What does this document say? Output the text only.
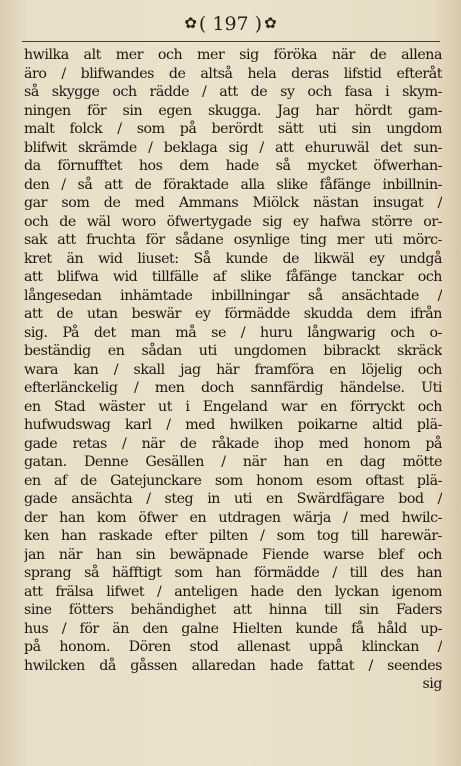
✿ ( 197 ) ✿
hwilka alt mer och mer sig föröka när de allena
äro / blifwandes de altså hela deras lifstid efteråt
så skygge och rädde / att de sy och fasa i skym-
ningen för sin egen skugga. Jag har hördt gam-
malt folck / som på berördt sätt uti sin ungdom
blifwit skrämde / beklaga sig / att ehuruwäl det sun-
da förnufftet hos dem hade så mycket öfwerhan-
den / så att de föraktade alla slike fåfänge inbillnin-
gar som de med Ammans Miölck nästan insugat /
och de wäl woro öfwertygade sig ey hafwa större or-
sak att fruchta för sådane osynlige ting mer uti mörc-
kret än wid liuset: Så kunde de likwäl ey undgå
att blifwa wid tillfälle af slike fåfänge tanckar och
långesedan inhämtade inbillningar så ansächtade /
att de utan beswär ey förmädde skudda dem ifrån
sig. På det man må se / huru långwarig och o-
beständig en sådan uti ungdomen bibrackt skräck
wara kan / skall jag här framföra en löjelig och
efterlänckelig / men doch sannfärdig händelse. Uti
en Stad wäster ut i Engeland war en förryckt och
hufwudswag karl / med hwilken poikarne altid plä-
gade retas / när de råkade ihop med honom på
gatan. Denne Gesällen / när han en dag mötte
en af de Gatejunckare som honom esom oftast plä-
gade ansächta / steg in uti en Swärdfägare bod /
der han kom öfwer en utdragen wärja / med hwilc-
ken han raskade efter pilten / som tog till harewär-
jan när han sin bewäpnade Fiende warse blef och
sprang så häfftigt som han förmädde / till des han
att frälsa lifwet / anteligen hade den lyckan igenom
sine fötters behändighet att hinna till sin Faders
hus / för än den galne Hielten kunde få håld up-
på honom. Dören stod allenast uppå klinckan /
hwilcken då gåssen allaredan hade fattat / seendes
sig
